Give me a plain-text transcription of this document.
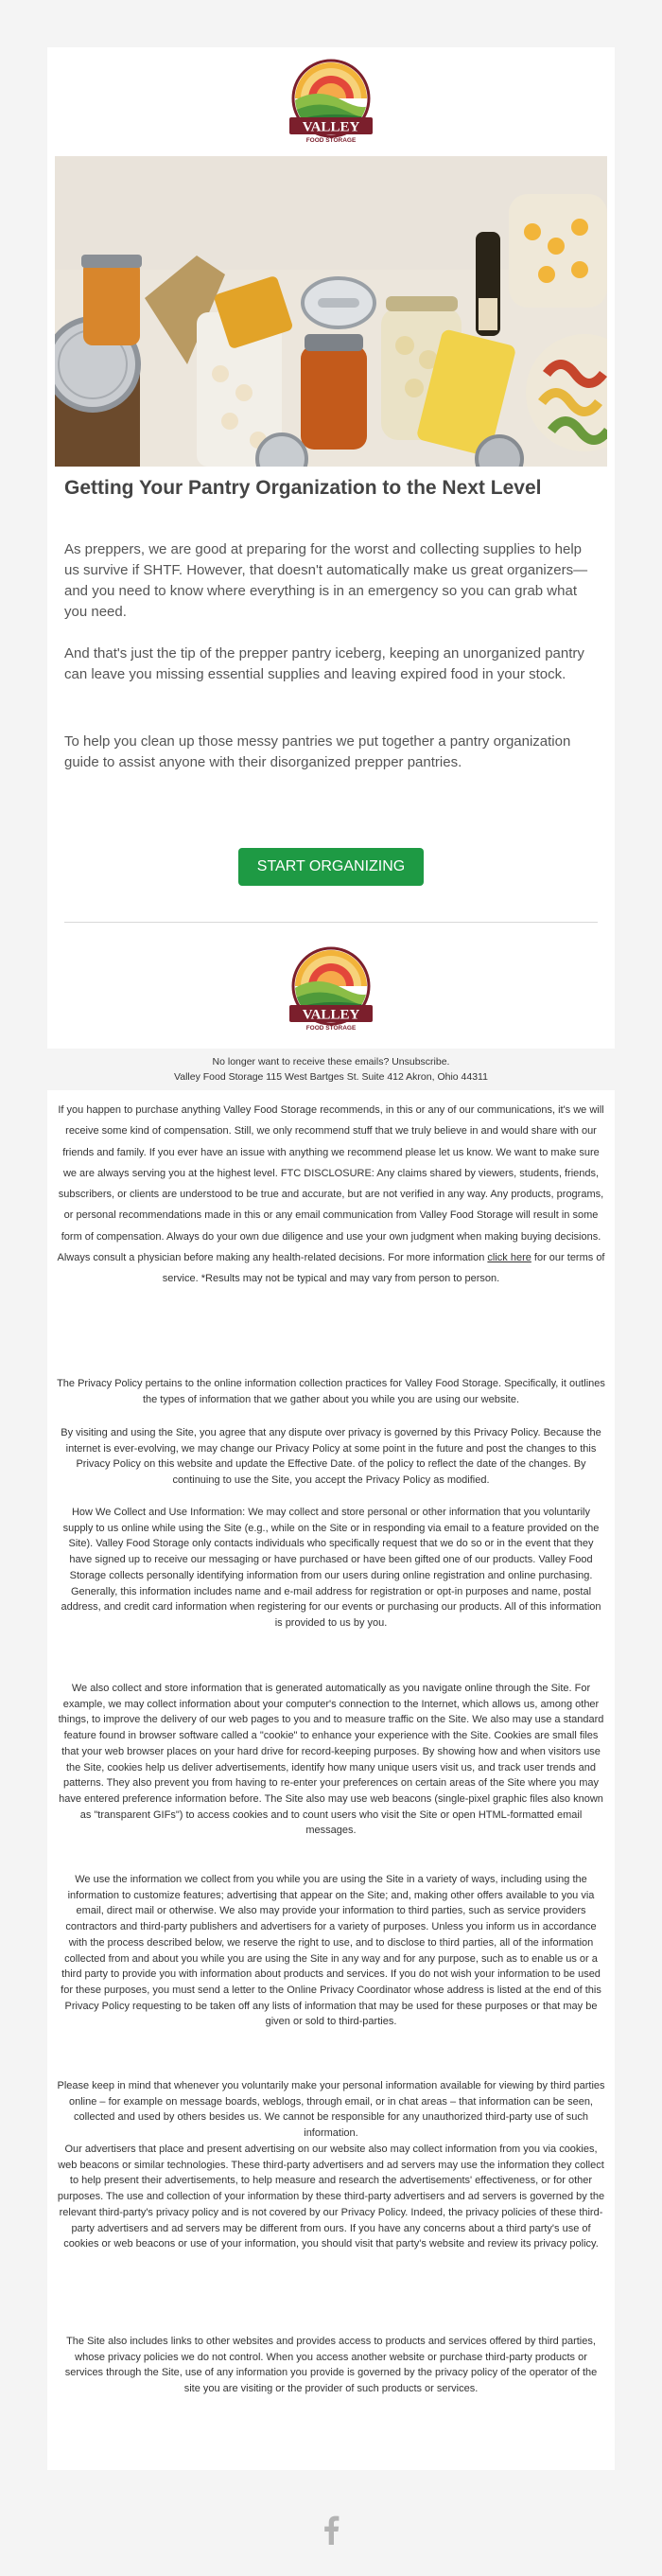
VALLEY
FOOD STORAGE
Getting Your Pantry Organization to the Next Level

As preppers, we are good at preparing for the worst and collecting supplies to help us survive if SHTF. However, that doesn't automatically make us great organizers—and you need to know where everything is in an emergency so you can grab what you need.

And that's just the tip of the prepper pantry iceberg, keeping an unorganized pantry can leave you missing essential supplies and leaving expired food in your stock.

To help you clean up those messy pantries we put together a pantry organization guide to assist anyone with their disorganized prepper pantries.

START ORGANIZING
VALLEY
FOOD STORAGE
No longer want to receive these emails? Unsubscribe.
Valley Food Storage 115 West Bartges St. Suite 412 Akron, Ohio 44311

If you happen to purchase anything Valley Food Storage recommends, in this or any of our communications, it's we will receive some kind of compensation. Still, we only recommend stuff that we truly believe in and would share with our friends and family. If you ever have an issue with anything we recommend please let us know. We want to make sure we are always serving you at the highest level. FTC DISCLOSURE: Any claims shared by viewers, students, friends, subscribers, or clients are understood to be true and accurate, but are not verified in any way. Any products, programs, or personal recommendations made in this or any email communication from Valley Food Storage will result in some form of compensation. Always do your own due diligence and use your own judgment when making buying decisions. Always consult a physician before making any health-related decisions. For more information click here for our terms of service. *Results may not be typical and may vary from person to person.

The Privacy Policy pertains to the online information collection practices for Valley Food Storage. Specifically, it outlines the types of information that we gather about you while you are using our website.

By visiting and using the Site, you agree that any dispute over privacy is governed by this Privacy Policy. Because the internet is ever-evolving, we may change our Privacy Policy at some point in the future and post the changes to this Privacy Policy on this website and update the Effective Date. of the policy to reflect the date of the changes. By continuing to use the Site, you accept the Privacy Policy as modified.

How We Collect and Use Information: We may collect and store personal or other information that you voluntarily supply to us online while using the Site (e.g., while on the Site or in responding via email to a feature provided on the Site). Valley Food Storage only contacts individuals who specifically request that we do so or in the event that they have signed up to receive our messaging or have purchased or have been gifted one of our products. Valley Food Storage collects personally identifying information from our users during online registration and online purchasing. Generally, this information includes name and e-mail address for registration or opt-in purposes and name, postal address, and credit card information when registering for our events or purchasing our products. All of this information is provided to us by you.

We also collect and store information that is generated automatically as you navigate online through the Site. For example, we may collect information about your computer's connection to the Internet, which allows us, among other things, to improve the delivery of our web pages to you and to measure traffic on the Site. We also may use a standard feature found in browser software called a "cookie" to enhance your experience with the Site. Cookies are small files that your web browser places on your hard drive for record-keeping purposes. By showing how and when visitors use the Site, cookies help us deliver advertisements, identify how many unique users visit us, and track user trends and patterns. They also prevent you from having to re-enter your preferences on certain areas of the Site where you may have entered preference information before. The Site also may use web beacons (single-pixel graphic files also known as "transparent GIFs") to access cookies and to count users who visit the Site or open HTML-formatted email messages.

We use the information we collect from you while you are using the Site in a variety of ways, including using the information to customize features; advertising that appear on the Site; and, making other offers available to you via email, direct mail or otherwise. We also may provide your information to third parties, such as service providers contractors and third-party publishers and advertisers for a variety of purposes. Unless you inform us in accordance with the process described below, we reserve the right to use, and to disclose to third parties, all of the information collected from and about you while you are using the Site in any way and for any purpose, such as to enable us or a third party to provide you with information about products and services. If you do not wish your information to be used for these purposes, you must send a letter to the Online Privacy Coordinator whose address is listed at the end of this Privacy Policy requesting to be taken off any lists of information that may be used for these purposes or that may be given or sold to third-parties.

Please keep in mind that whenever you voluntarily make your personal information available for viewing by third parties online – for example on message boards, weblogs, through email, or in chat areas – that information can be seen, collected and used by others besides us. We cannot be responsible for any unauthorized third-party use of such information.

Our advertisers that place and present advertising on our website also may collect information from you via cookies, web beacons or similar technologies. These third-party advertisers and ad servers may use the information they collect to help present their advertisements, to help measure and research the advertisements' effectiveness, or for other purposes. The use and collection of your information by these third-party advertisers and ad servers is governed by the relevant third-party's privacy policy and is not covered by our Privacy Policy. Indeed, the privacy policies of these third-party advertisers and ad servers may be different from ours. If you have any concerns about a third party's use of cookies or web beacons or use of your information, you should visit that party's website and review its privacy policy.

The Site also includes links to other websites and provides access to products and services offered by third parties, whose privacy policies we do not control. When you access another website or purchase third-party products or services through the Site, use of any information you provide is governed by the privacy policy of the operator of the site you are visiting or the provider of such products or services.
